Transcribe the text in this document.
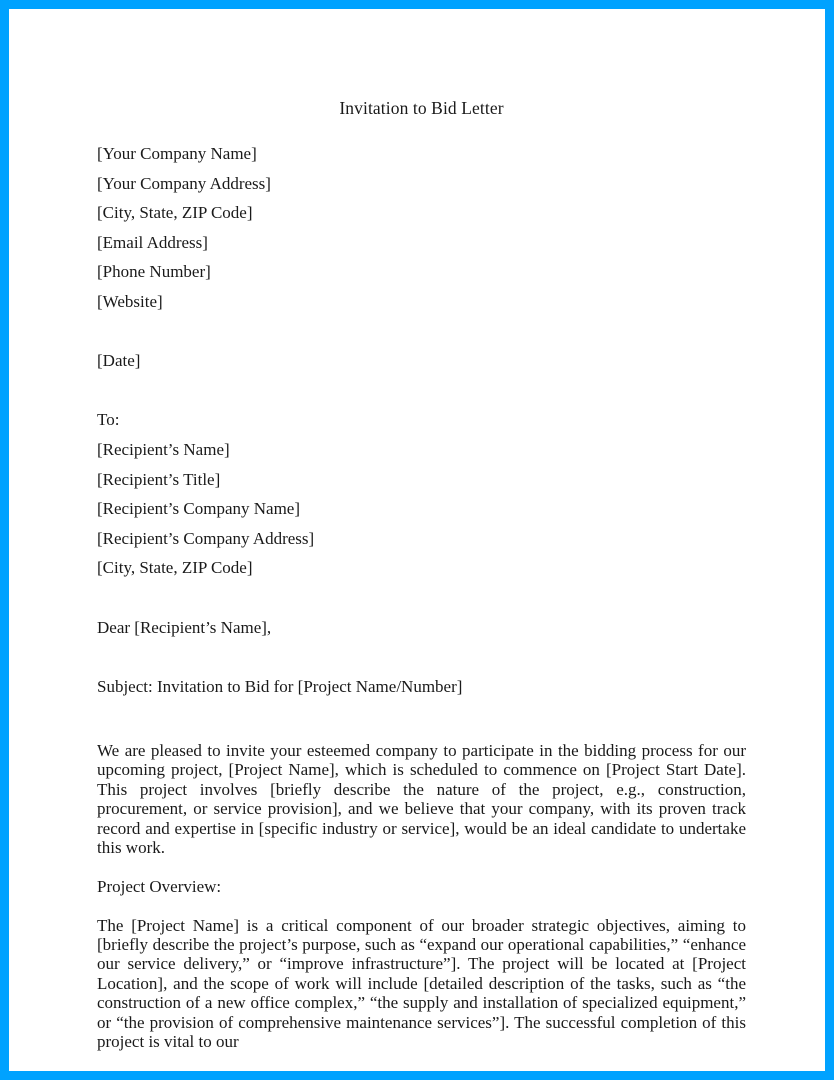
Invitation to Bid Letter

[Your Company Name]

[Your Company Address]

[City, State, ZIP Code]

[Email Address]

[Phone Number]

[Website]

[Date]

To:

[Recipient’s Name]

[Recipient’s Title]

[Recipient’s Company Name]

[Recipient’s Company Address]

[City, State, ZIP Code]

Dear [Recipient’s Name],

Subject: Invitation to Bid for [Project Name/Number]

We are pleased to invite your esteemed company to participate in the bidding process for our upcoming project, [Project Name], which is scheduled to commence on [Project Start Date]. This project involves [briefly describe the nature of the project, e.g., construction, procurement, or service provision], and we believe that your company, with its proven track record and expertise in [specific industry or service], would be an ideal candidate to undertake this work.

Project Overview:

The [Project Name] is a critical component of our broader strategic objectives, aiming to [briefly describe the project’s purpose, such as “expand our operational capabilities,” “enhance our service delivery,” or “improve infrastructure”]. The project will be located at [Project Location], and the scope of work will include [detailed description of the tasks, such as “the construction of a new office complex,” “the supply and installation of specialized equipment,” or “the provision of comprehensive maintenance services”]. The successful completion of this project is vital to our
